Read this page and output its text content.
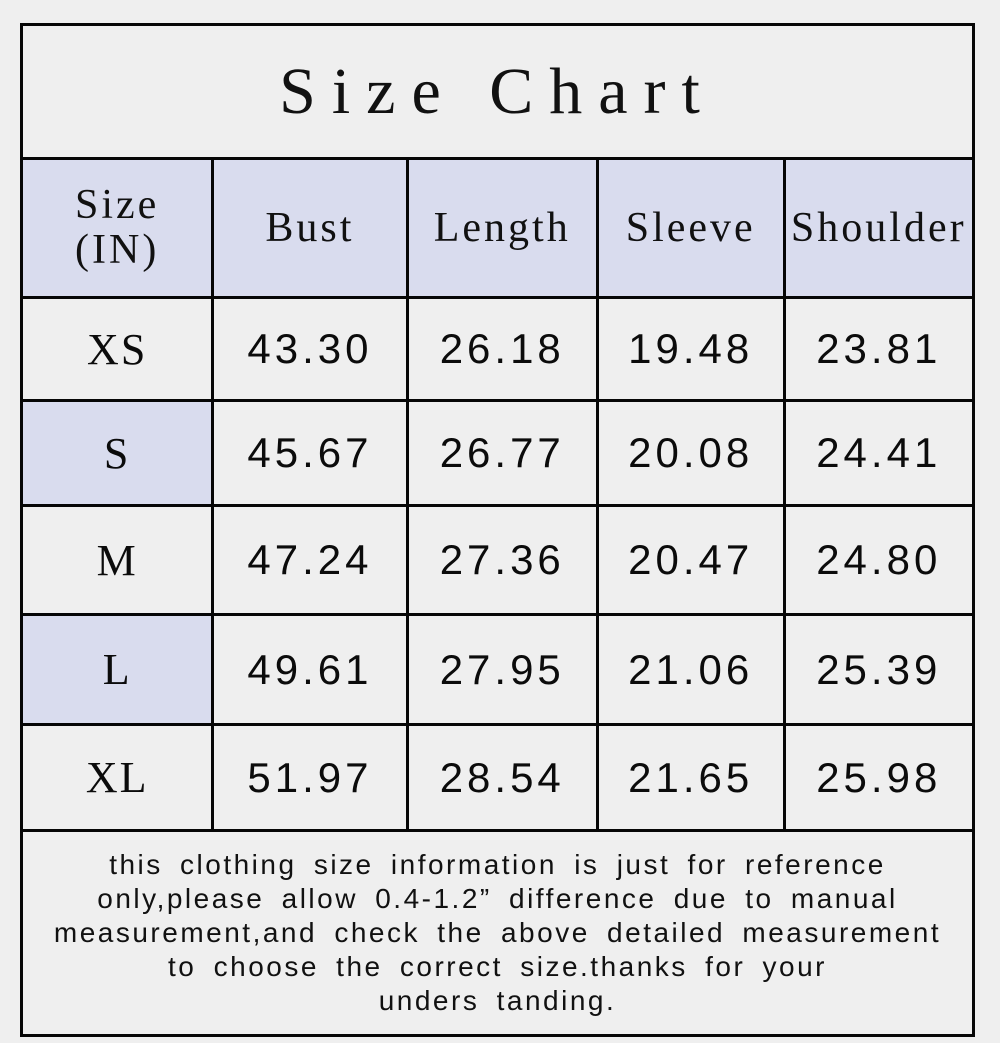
Size Chart				

Size
(IN)	Bust	Length	Sleeve	Shoulder
XS	43.30	26.18	19.48	23.81
S	45.67	26.77	20.08	24.41
M	47.24	27.36	20.47	24.80
L	49.61	27.95	21.06	25.39
XL	51.97	28.54	21.65	25.98

this clothing size information is just for reference
only,please allow 0.4-1.2” difference due to manual
measurement,and check the above detailed measurement
to choose the correct size.thanks for your
unders tanding.				
